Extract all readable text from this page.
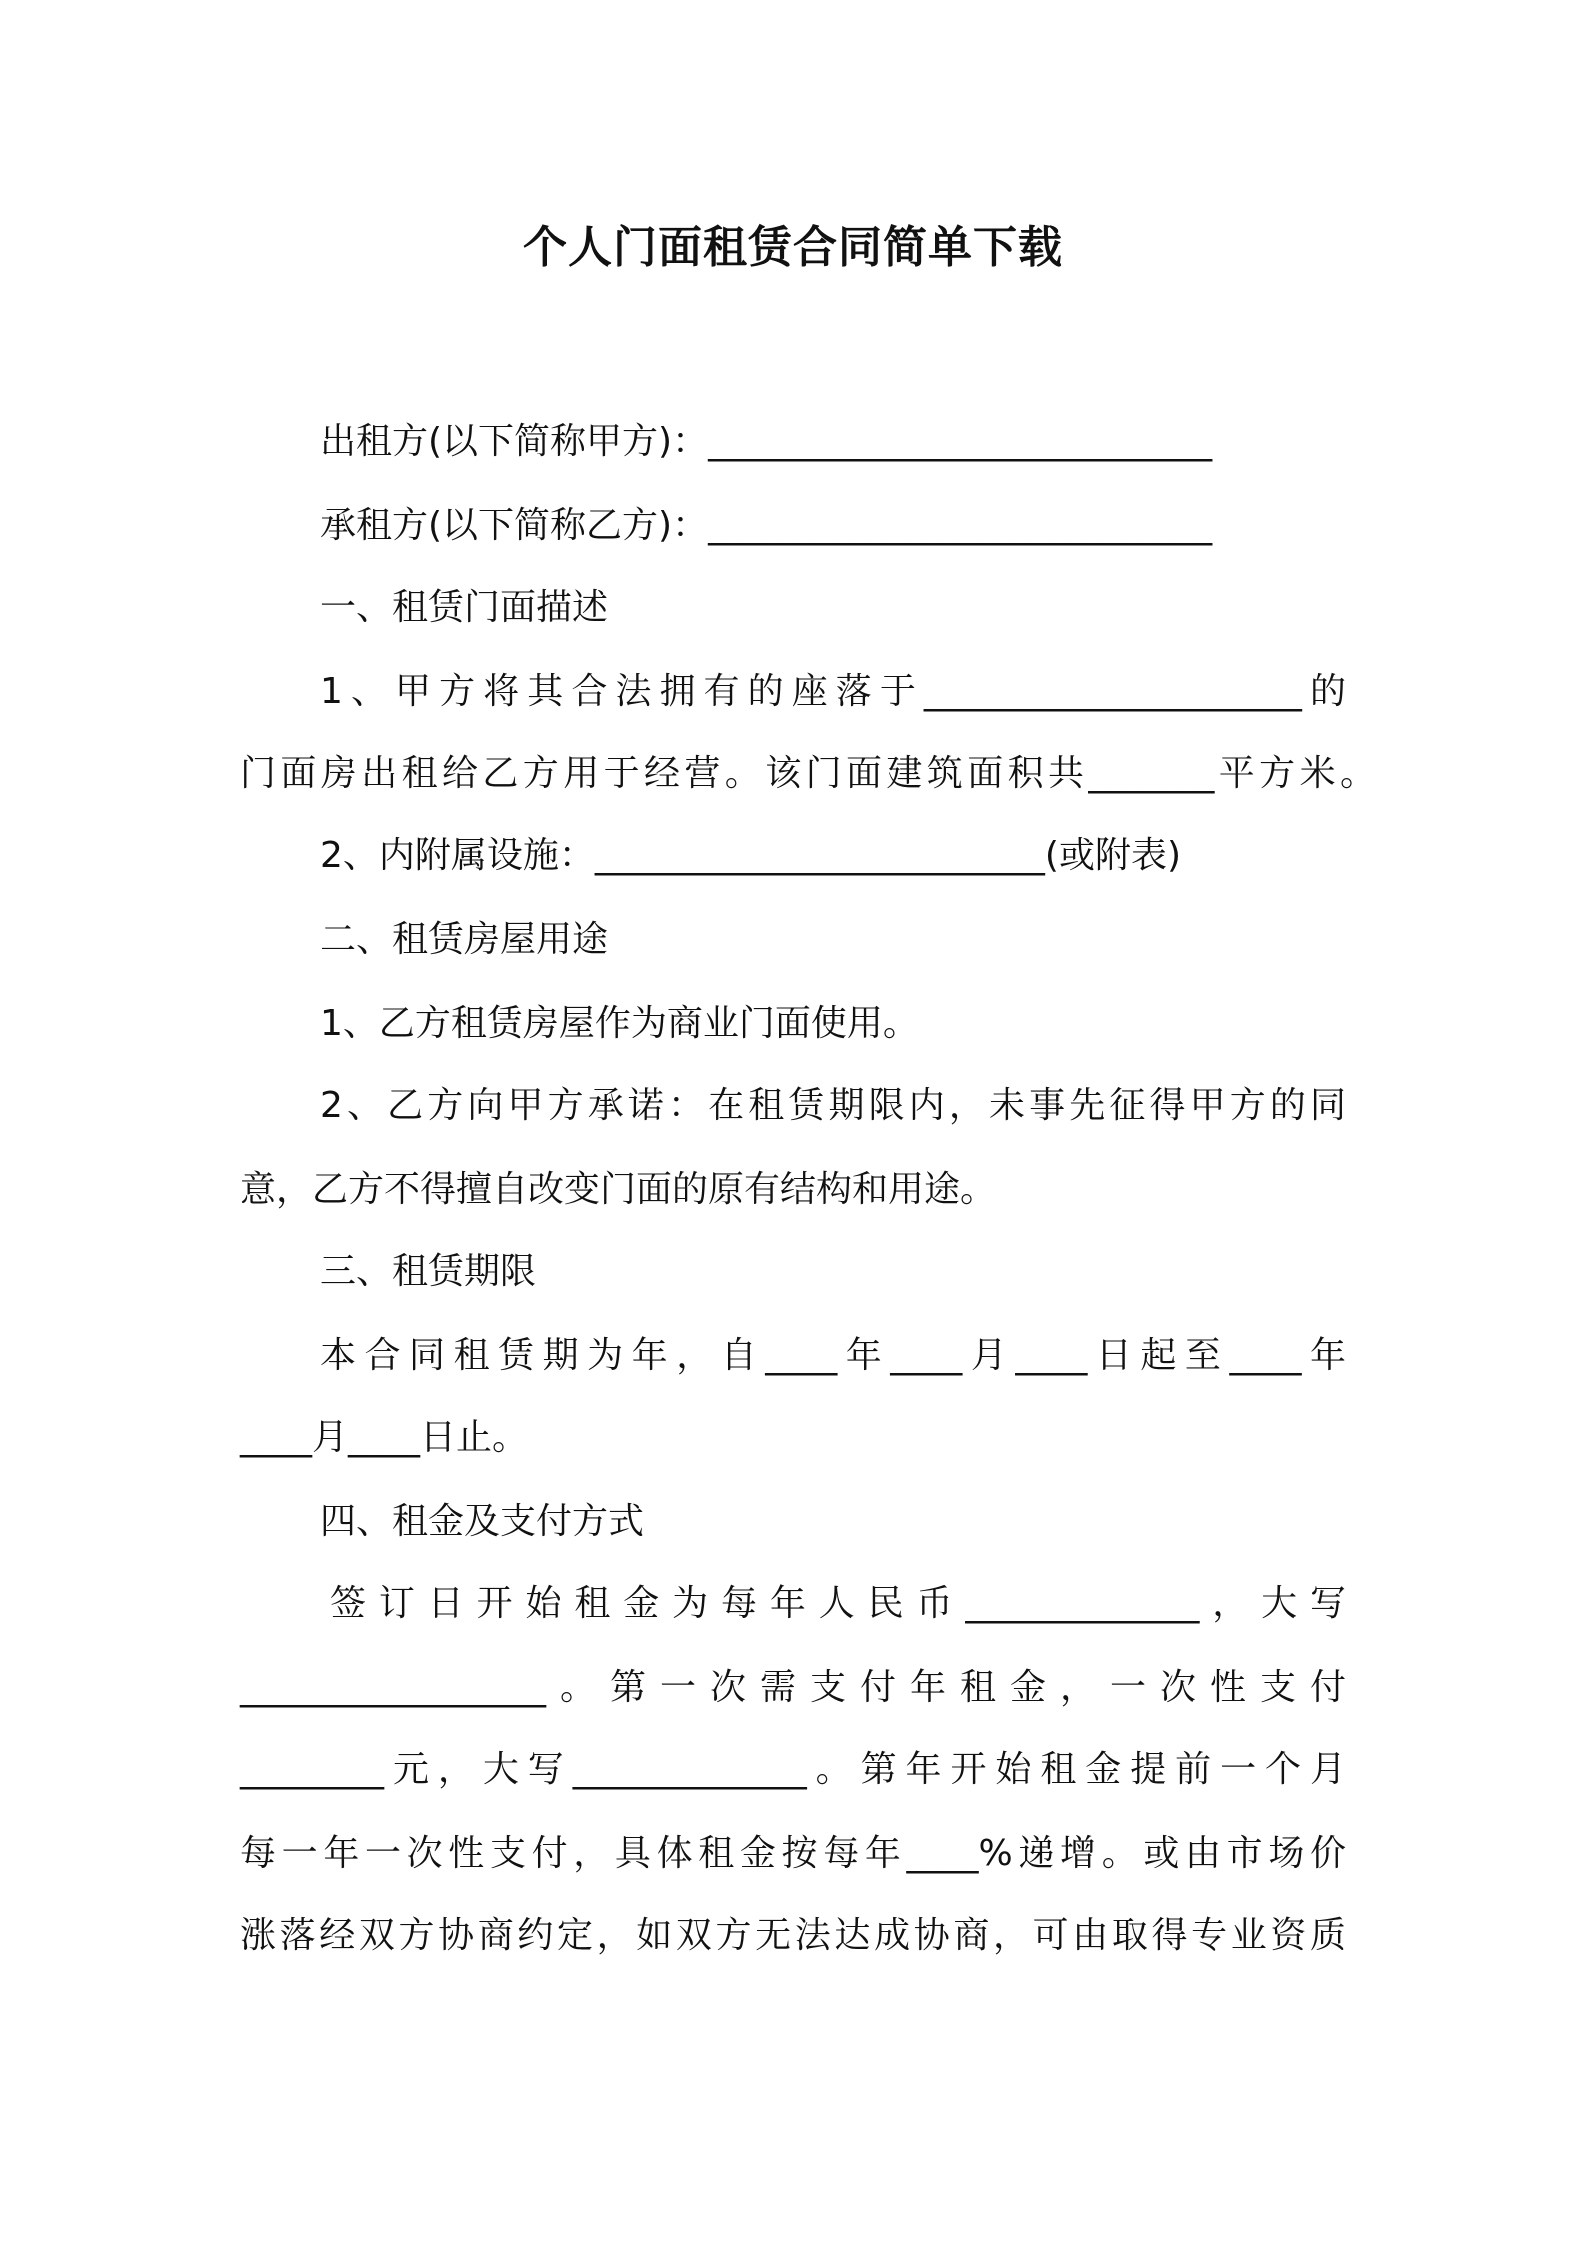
个人门面租赁合同简单下载
出租方(以下简称甲方)：____________________________
承租方(以下简称乙方)：____________________________
一、租赁门面描述
1、甲方将其合法拥有的座落于_____________________的
门面房出租给乙方用于经营。该门面建筑面积共_______平方米。
2、内附属设施：_________________________(或附表)
二、租赁房屋用途
1、乙方租赁房屋作为商业门面使用。
2、乙方向甲方承诺：在租赁期限内，未事先征得甲方的同
意，乙方不得擅自改变门面的原有结构和用途。
三、租赁期限
本合同租赁期为年，自____年____月____日起至____年
____月____日止。
四、租金及支付方式
签订日开始租金为每年人民币_____________，大写
_________________。第一次需支付年租金，一次性支付
________元，大写_____________。第年开始租金提前一个月
每一年一次性支付，具体租金按每年____%递增。或由市场价
涨落经双方协商约定，如双方无法达成协商，可由取得专业资质
